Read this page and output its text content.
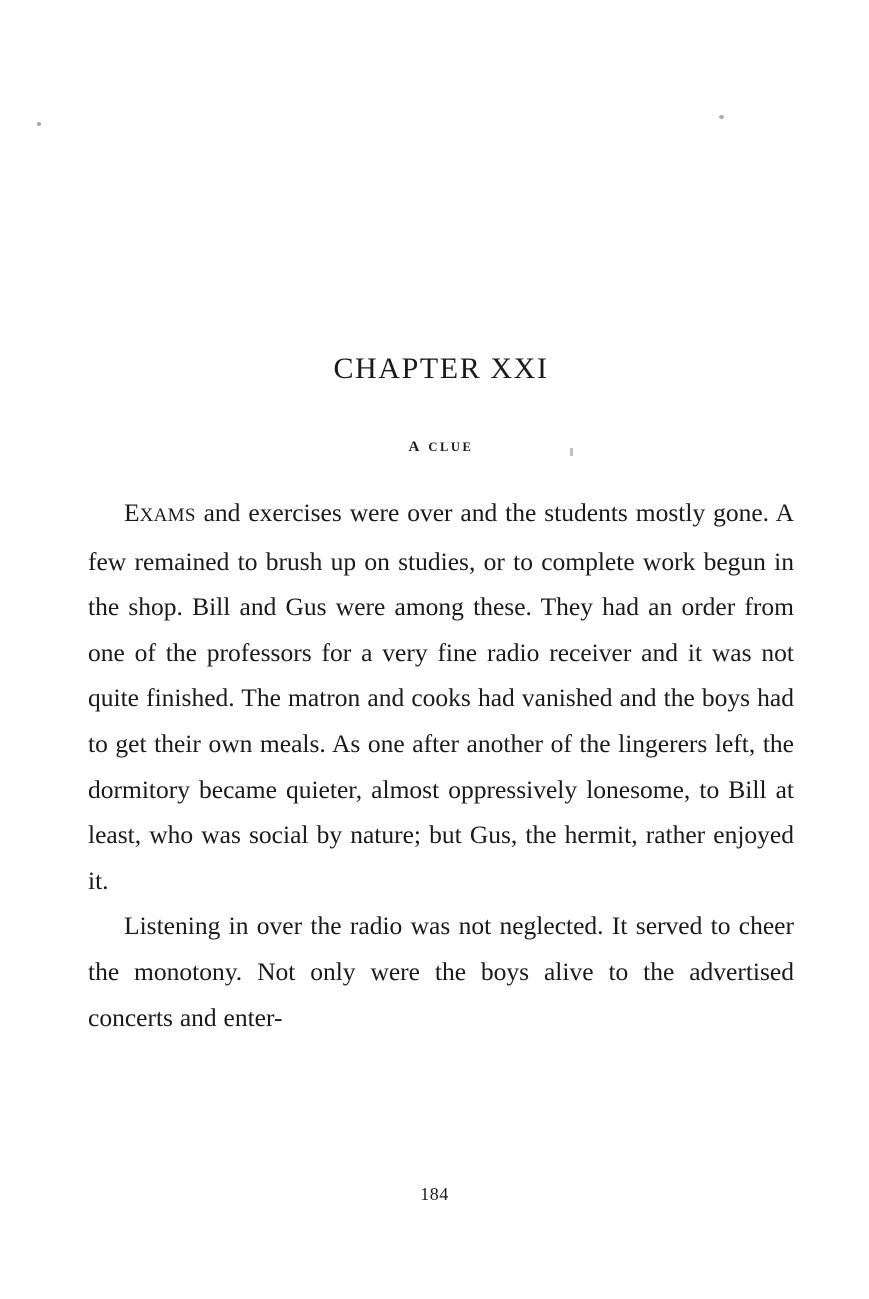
CHAPTER XXI
A CLUE

EXAMS and exercises were over and the students mostly gone. A few remained to brush up on studies, or to complete work begun in the shop. Bill and Gus were among these. They had an order from one of the professors for a very fine radio receiver and it was not quite finished. The matron and cooks had vanished and the boys had to get their own meals. As one after another of the lingerers left, the dormitory became quieter, almost oppressively lonesome, to Bill at least, who was social by nature; but Gus, the hermit, rather enjoyed it.

Listening in over the radio was not neglected. It served to cheer the monotony. Not only were the boys alive to the advertised concerts and enter-

184
